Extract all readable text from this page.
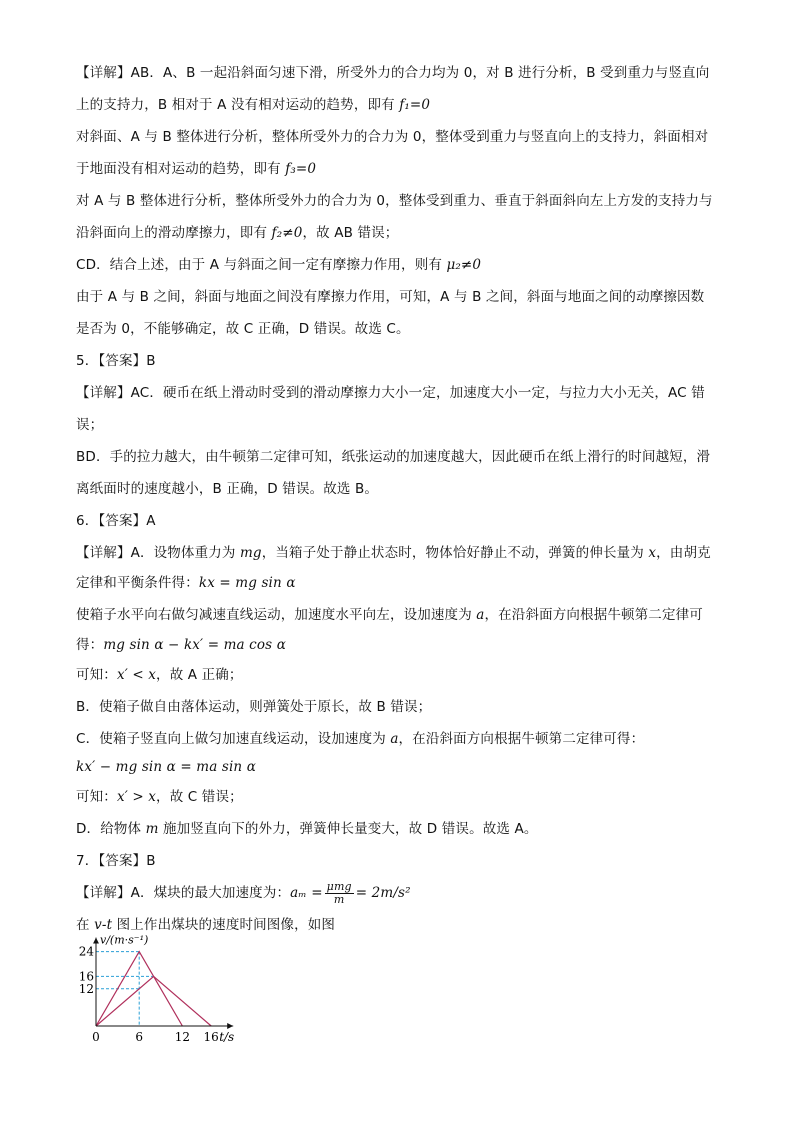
【详解】AB．A、B 一起沿斜面匀速下滑，所受外力的合力均为 0，对 B 进行分析，B 受到重力与竖直向
上的支持力，B 相对于 A 没有相对运动的趋势，即有 f₁=0
对斜面、A 与 B 整体进行分析，整体所受外力的合力为 0，整体受到重力与竖直向上的支持力，斜面相对
于地面没有相对运动的趋势，即有 f₃=0
对 A 与 B 整体进行分析，整体所受外力的合力为 0，整体受到重力、垂直于斜面斜向左上方发的支持力与
沿斜面向上的滑动摩擦力，即有 f₂≠0，故 AB 错误；
CD．结合上述，由于 A 与斜面之间一定有摩擦力作用，则有 μ₂≠0
由于 A 与 B 之间，斜面与地面之间没有摩擦力作用，可知，A 与 B 之间，斜面与地面之间的动摩擦因数
是否为 0，不能够确定，故 C 正确，D 错误。故选 C。
5．【答案】B
【详解】AC．硬币在纸上滑动时受到的滑动摩擦力大小一定，加速度大小一定，与拉力大小无关，AC 错
误；
BD．手的拉力越大，由牛顿第二定律可知，纸张运动的加速度越大，因此硬币在纸上滑行的时间越短，滑
离纸面时的速度越小，B 正确，D 错误。故选 B。
6．【答案】A
【详解】A．设物体重力为 mg，当箱子处于静止状态时，物体恰好静止不动，弹簧的伸长量为 x，由胡克
定律和平衡条件得：kx = mg sin α
使箱子水平向右做匀减速直线运动，加速度水平向左，设加速度为 a，在沿斜面方向根据牛顿第二定律可
得：mg sin α − kx′ = ma cos α
可知：x′ < x，故 A 正确；
B．使箱子做自由落体运动，则弹簧处于原长，故 B 错误；
C．使箱子竖直向上做匀加速直线运动，设加速度为 a，在沿斜面方向根据牛顿第二定律可得：
kx′ − mg sin α = ma sin α
可知：x′ > x，故 C 错误；
D．给物体 m 施加竖直向下的外力，弹簧伸长量变大，故 D 错误。故选 A。
7．【答案】B
【详解】A．煤块的最大加速度为：$a_m = \frac{\text{μmg}}{m} = 2m/s^2$
在 v-t 图上作出煤块的速度时间图像，如图
v/(m·s⁻¹)
t/s
0	6	12 16
24
16
12
